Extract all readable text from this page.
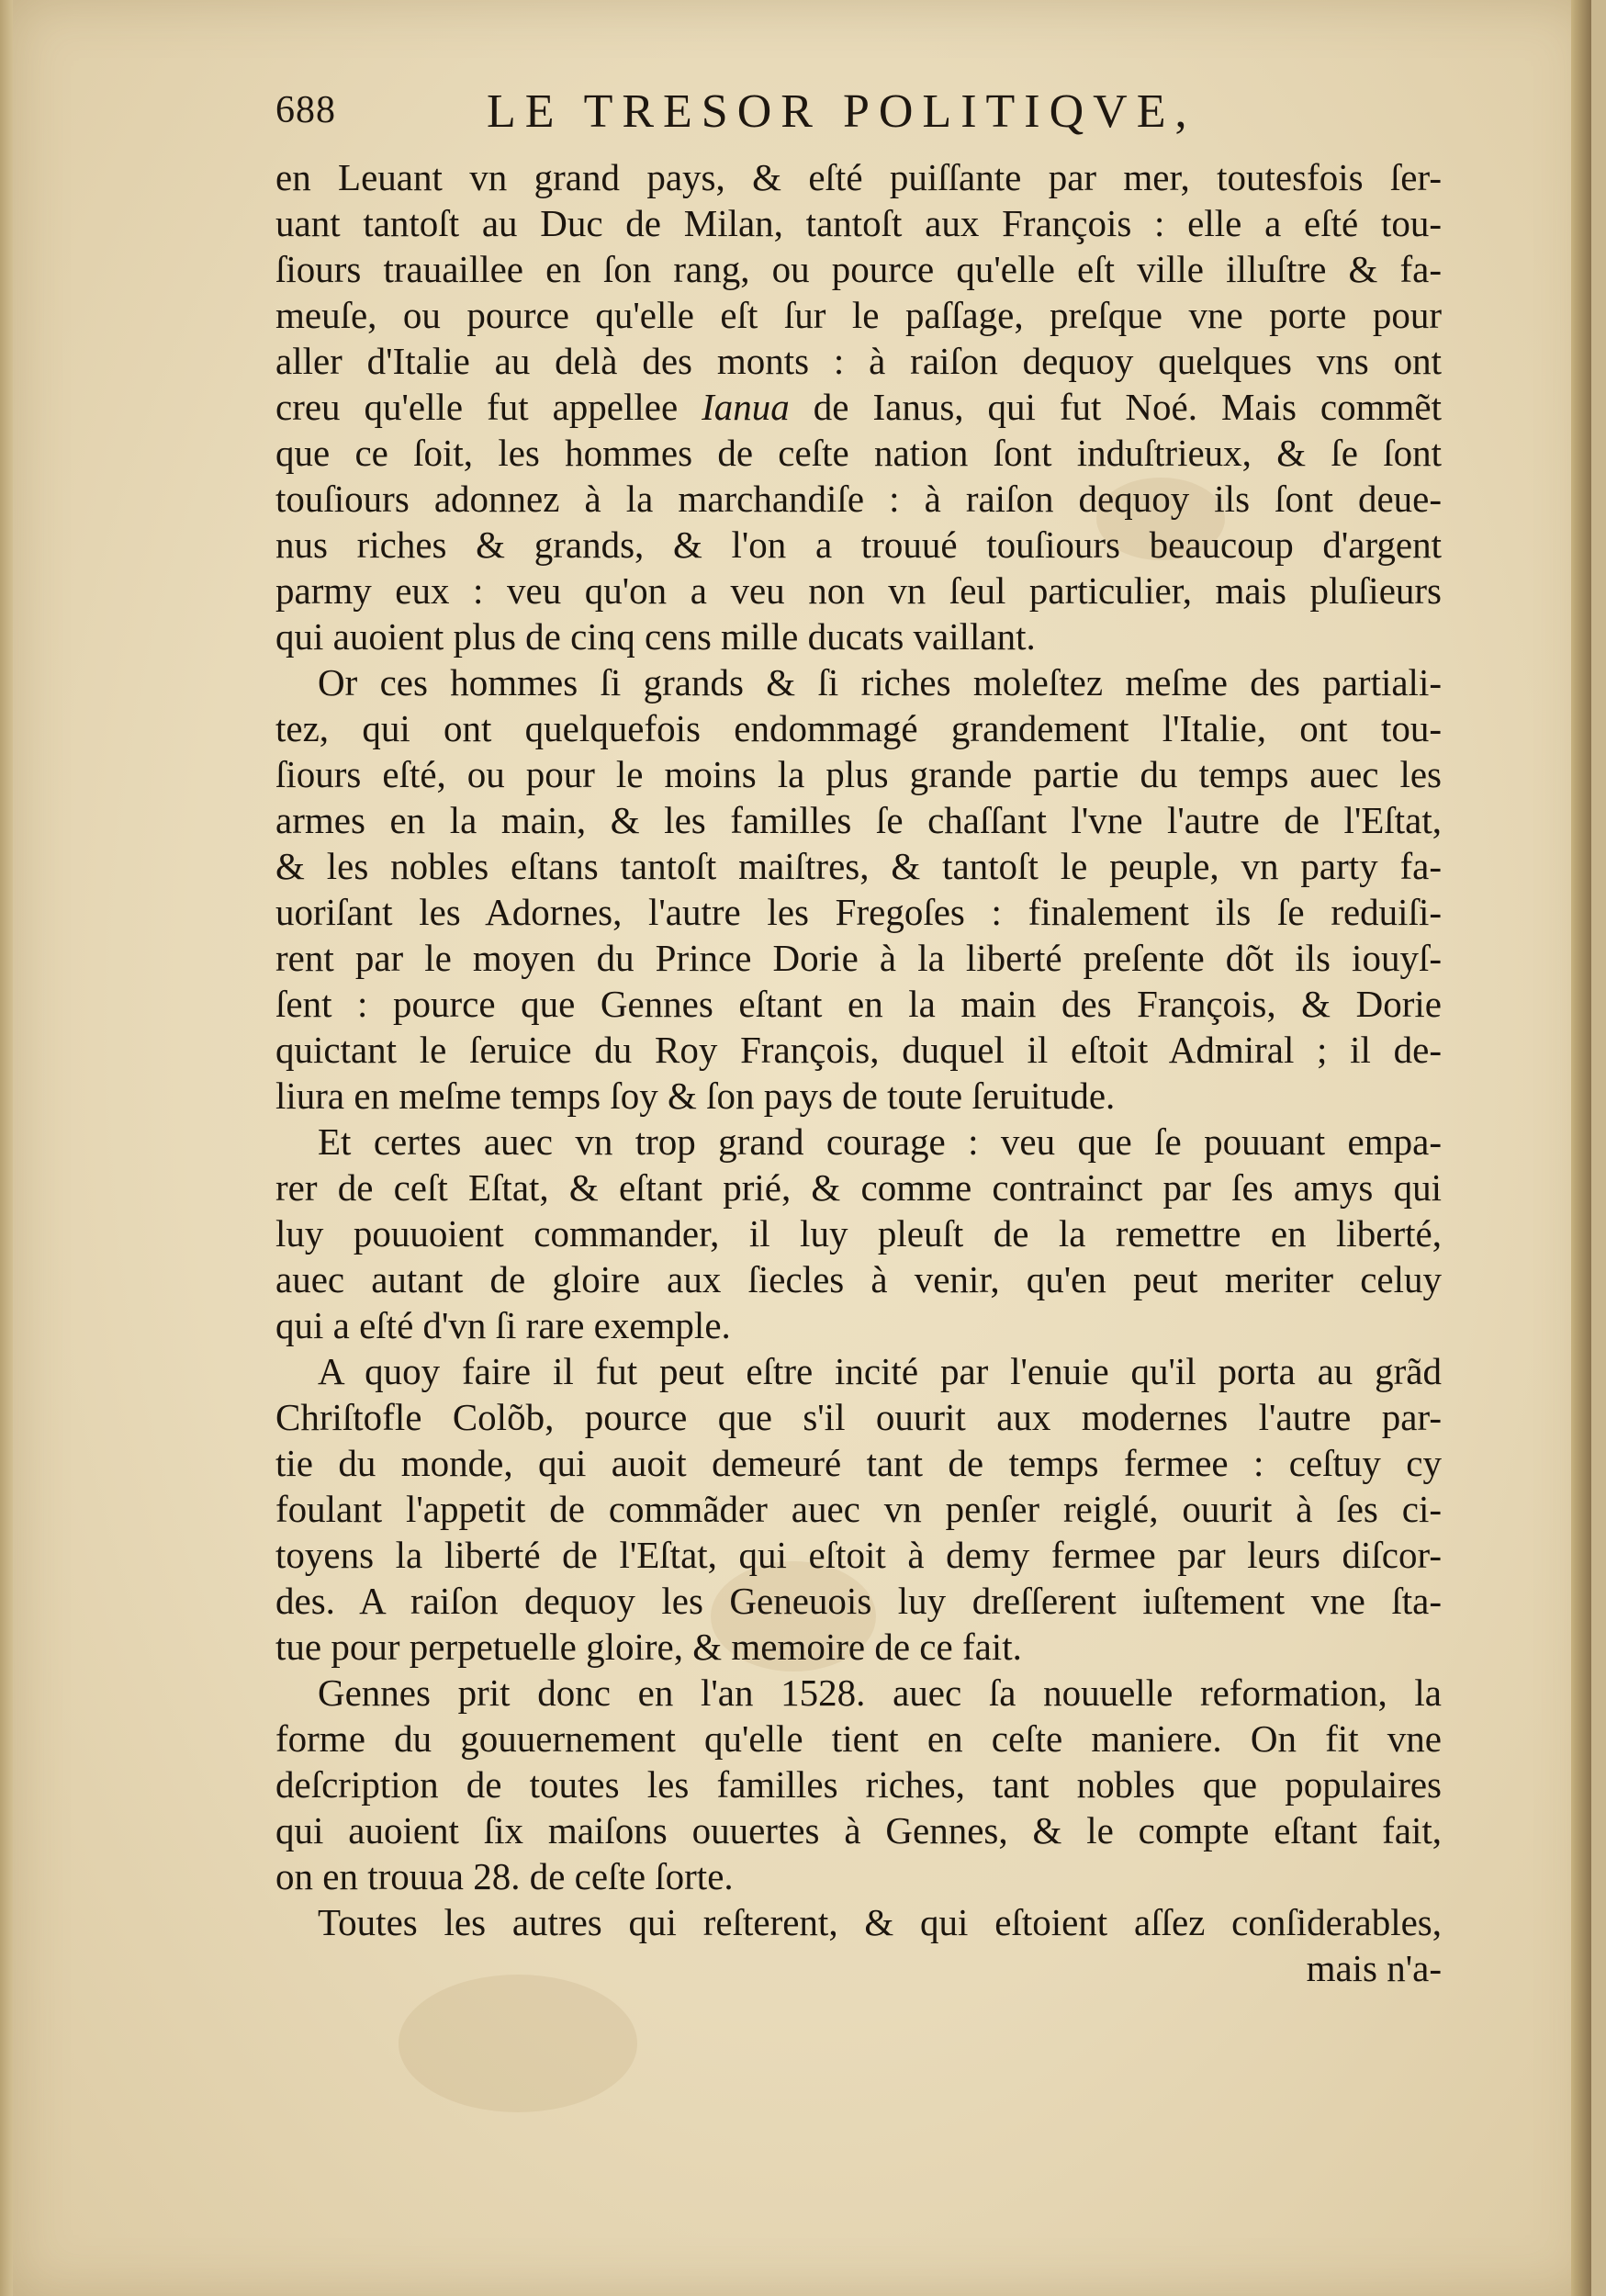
688	LE TRESOR POLITIQVE,
en Leuant vn grand pays, & eſté puiſſante par mer, toutesfois ſer-
uant tantoſt au Duc de Milan, tantoſt aux François : elle a eſté tou-
ſiours trauaillee en ſon rang, ou pource qu'elle eſt ville illuſtre & fa-
meuſe, ou pource qu'elle eſt ſur le paſſage, preſque vne porte pour
aller d'Italie au delà des monts : à raiſon dequoy quelques vns ont
creu qu'elle fut appellee Ianua de Ianus, qui fut Noé. Mais commẽt
que ce ſoit, les hommes de ceſte nation ſont induſtrieux, & ſe ſont
touſiours adonnez à la marchandiſe : à raiſon dequoy ils ſont deue-
nus riches & grands, & l'on a trouué touſiours beaucoup d'argent
parmy eux : veu qu'on a veu non vn ſeul particulier, mais pluſieurs
qui auoient plus de cinq cens mille ducats vaillant.
Or ces hommes ſi grands & ſi riches moleſtez meſme des partiali-
tez, qui ont quelquefois endommagé grandement l'Italie, ont tou-
ſiours eſté, ou pour le moins la plus grande partie du temps auec les
armes en la main, & les familles ſe chaſſant l'vne l'autre de l'Eſtat,
& les nobles eſtans tantoſt maiſtres, & tantoſt le peuple, vn party fa-
uoriſant les Adornes, l'autre les Fregoſes : finalement ils ſe reduiſi-
rent par le moyen du Prince Dorie à la liberté preſente dõt ils iouyſ-
ſent : pource que Gennes eſtant en la main des François, & Dorie
quictant le ſeruice du Roy François, duquel il eſtoit Admiral ; il de-
liura en meſme temps ſoy & ſon pays de toute ſeruitude.
Et certes auec vn trop grand courage : veu que ſe pouuant empa-
rer de ceſt Eſtat, & eſtant prié, & comme contrainct par ſes amys qui
luy pouuoient commander, il luy pleuſt de la remettre en liberté,
auec autant de gloire aux ſiecles à venir, qu'en peut meriter celuy
qui a eſté d'vn ſi rare exemple.
A quoy faire il fut peut eſtre incité par l'enuie qu'il porta au grãd
Chriſtofle Colõb, pource que s'il ouurit aux modernes l'autre par-
tie du monde, qui auoit demeuré tant de temps fermee : ceſtuy cy
foulant l'appetit de commãder auec vn penſer reiglé, ouurit à ſes ci-
toyens la liberté de l'Eſtat, qui eſtoit à demy fermee par leurs diſcor-
des. A raiſon dequoy les Geneuois luy dreſſerent iuſtement vne ſta-
tue pour perpetuelle gloire, & memoire de ce fait.
Gennes prit donc en l'an 1528. auec ſa nouuelle reformation, la
forme du gouuernement qu'elle tient en ceſte maniere. On fit vne
deſcription de toutes les familles riches, tant nobles que populaires
qui auoient ſix maiſons ouuertes à Gennes, & le compte eſtant fait,
on en trouua 28. de ceſte ſorte.
Toutes les autres qui reſterent, & qui eſtoient aſſez conſiderables,
mais n'a-
